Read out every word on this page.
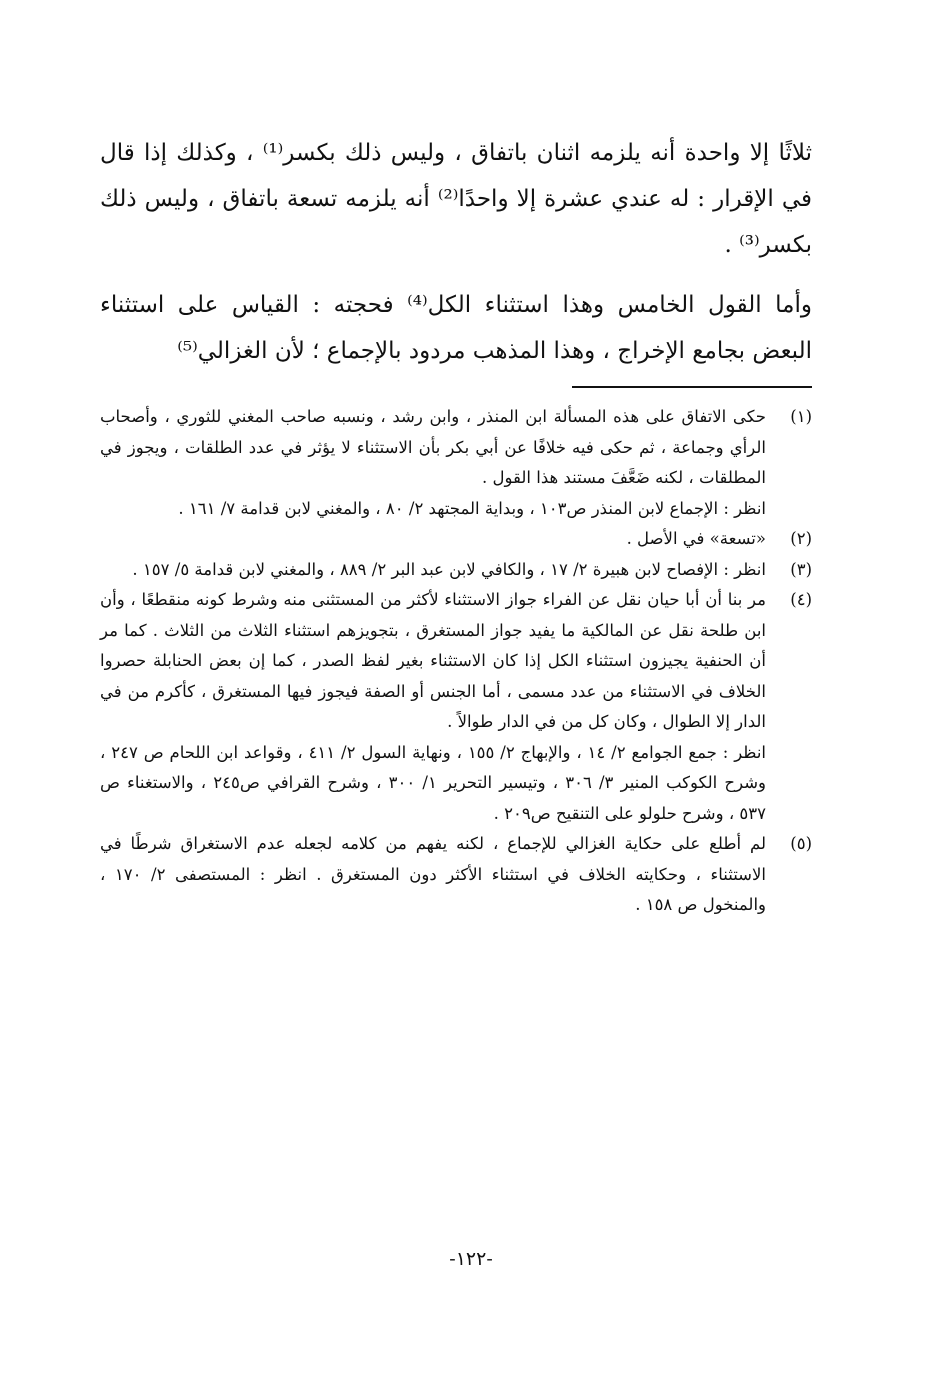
ثلاثًا إلا واحدة أنه يلزمه اثنان باتفاق ، وليس ذلك بكسر⁽¹⁾ ، وكذلك إذا قال في الإقرار : له عندي عشرة إلا واحدًا⁽²⁾ أنه يلزمه تسعة باتفاق ، وليس ذلك بكسر⁽³⁾ .

وأما القول الخامس وهذا استثناء الكل⁽⁴⁾ فحجته : القياس على استثناء البعض بجامع الإخراج ، وهذا المذهب مردود بالإجماع ؛ لأن الغزالي⁽⁵⁾

(١)

حكى الاتفاق على هذه المسألة ابن المنذر ، وابن رشد ، ونسبه صاحب المغني للثوري ، وأصحاب الرأي وجماعة ، ثم حكى فيه خلافًا عن أبي بكر بأن الاستثناء لا يؤثر في عدد الطلقات ، ويجوز في المطلقات ، لكنه ضَعَّفَ مستند هذا القول .

انظر : الإجماع لابن المنذر ص١٠٣ ، وبداية المجتهد ٢/ ٨٠ ، والمغني لابن قدامة ٧/ ١٦١ .

(٢)

«تسعة» في الأصل .

(٣)

انظر : الإفصاح لابن هبيرة ٢/ ١٧ ، والكافي لابن عبد البر ٢/ ٨٨٩ ، والمغني لابن قدامة ٥/ ١٥٧ .

(٤)

مر بنا أن أبا حيان نقل عن الفراء جواز الاستثناء لأكثر من المستثنى منه وشرط كونه منقطعًا ، وأن ابن طلحة نقل عن المالكية ما يفيد جواز المستغرق ، بتجويزهم استثناء الثلاث من الثلاث . كما مر أن الحنفية يجيزون استثناء الكل إذا كان الاستثناء بغير لفظ الصدر ، كما إن بعض الحنابلة حصروا الخلاف في الاستثناء من عدد مسمى ، أما الجنس أو الصفة فيجوز فيها المستغرق ، كأكرم من في الدار إلا الطوال ، وكان كل من في الدار طوالاً .

انظر : جمع الجوامع ٢/ ١٤ ، والإبهاج ٢/ ١٥٥ ، ونهاية السول ٢/ ٤١١ ، وقواعد ابن اللحام ص ٢٤٧ ، وشرح الكوكب المنير ٣/ ٣٠٦ ، وتيسير التحرير ١/ ٣٠٠ ، وشرح القرافي ص٢٤٥ ، والاستغناء ص ٥٣٧ ، وشرح حلولو على التنقيح ص٢٠٩ .

(٥)

لم أطلع على حكاية الغزالي للإجماع ، لكنه يفهم من كلامه لجعله عدم الاستغراق شرطًا في الاستثناء ، وحكايته الخلاف في استثناء الأكثر دون المستغرق . انظر : المستصفى ٢/ ١٧٠ ، والمنخول ص ١٥٨ .

-١٢٢-
